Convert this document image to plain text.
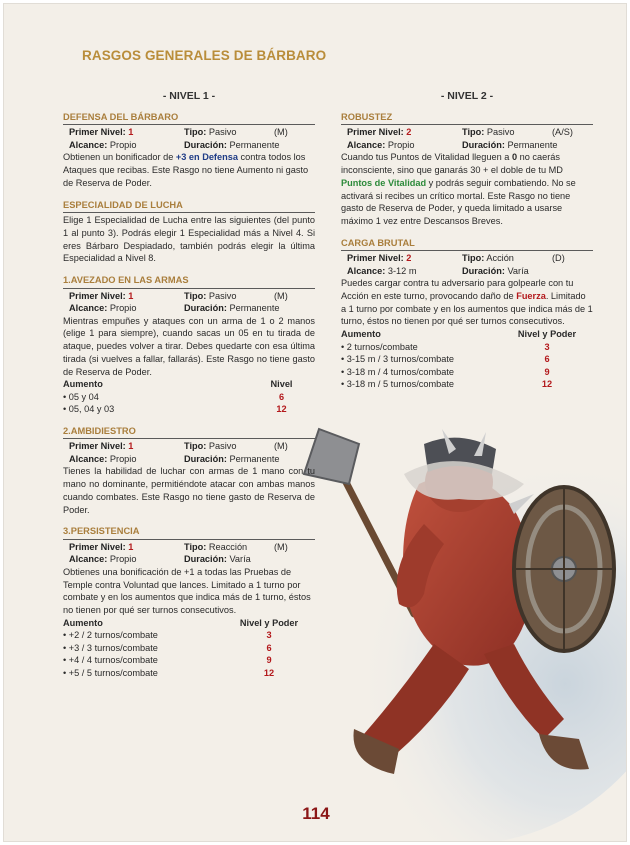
RASGOS GENERALES DE BÁRBARO
- NIVEL 1 -
DEFENSA DEL BÁRBARO
Primer Nivel: 1	Tipo: Pasivo	(M)
Alcance: Propio	Duración: Permanente
Obtienen un bonificador de +3 en Defensa contra todos los Ataques que recibas. Este Rasgo no tiene Aumento ni gasto de Reserva de Poder.
ESPECIALIDAD DE LUCHA
Elige 1 Especialidad de Lucha entre las siguientes (del punto 1 al punto 3). Podrás elegir 1 Especialidad más a Nivel 4. Si eres Bárbaro Despiadado, también podrás elegir la última Especialidad a Nivel 8.
1.AVEZADO EN LAS ARMAS
Primer Nivel: 1	Tipo: Pasivo	(M)
Alcance: Propio	Duración: Permanente
Mientras empuñes y ataques con un arma de 1 o 2 manos (elige 1 para siempre), cuando sacas un 05 en tu tirada de ataque, puedes volver a tirar. Debes quedarte con esa última tirada (si vuelves a fallar, fallarás). Este Rasgo no tiene gasto de Reserva de Poder.
Aumento	Nivel
• 05 y 04	6
• 05, 04 y 03	12
2.AMBIDIESTRO
Primer Nivel: 1	Tipo: Pasivo	(M)
Alcance: Propio	Duración: Permanente
Tienes la habilidad de luchar con armas de 1 mano con tu mano no dominante, permitiéndote atacar con ambas manos cuando combates. Este Rasgo no tiene gasto de Reserva de Poder.
3.PERSISTENCIA
Primer Nivel: 1	Tipo: Reacción	(M)
Alcance: Propio	Duración: Varía
Obtienes una bonificación de +1 a todas las Pruebas de Temple contra Voluntad que lances. Limitado a 1 turno por combate y en los aumentos que indica más de 1 turno, éstos no tienen por qué ser turnos consecutivos.
Aumento	Nivel y Poder
• +2 / 2 turnos/combate	3
• +3 / 3 turnos/combate	6
• +4 / 4 turnos/combate	9
• +5 / 5 turnos/combate	12
- NIVEL 2 -
ROBUSTEZ
Primer Nivel: 2	Tipo: Pasivo	(A/S)
Alcance: Propio	Duración: Permanente
Cuando tus Puntos de Vitalidad lleguen a 0 no caerás inconsciente, sino que ganarás 30 + el doble de tu MD Puntos de Vitalidad y podrás seguir combatiendo. No se activará si recibes un crítico mortal. Este Rasgo no tiene gasto de Reserva de Poder, y queda limitado a usarse máximo 1 vez entre Descansos Breves.
CARGA BRUTAL
Primer Nivel: 2	Tipo: Acción	(D)
Alcance: 3-12 m	Duración: Varía
Puedes cargar contra tu adversario para golpearle con tu Acción en este turno, provocando daño de Fuerza. Limitado a 1 turno por combate y en los aumentos que indica más de 1 turno, éstos no tienen por qué ser turnos consecutivos.
Aumento	Nivel y Poder
• 2 turnos/combate	3
• 3-15 m / 3 turnos/combate	6
• 3-18 m / 4 turnos/combate	9
• 3-18 m / 5 turnos/combate	12
114
